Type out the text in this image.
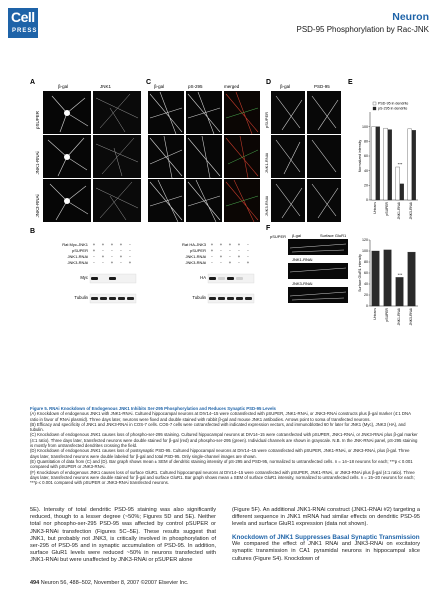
Cell
PRESS
Neuron
PSD-95 Phosphorylation by Rac-JNK
A
β-gal	JNK1	β-gal	pS-295	merged
C
pSUPER
JNK1-RNAi
JNK3-RNAi
D
β-gal	PSD-95
pSUPER
JNK1-RNAi
JNK3-RNAi
E
0
20
40
60
80
100
Untrans pSUPER JNK1-RNAi JNK3-RNAi
Normalized intensity	***
PSD-95 in dendrite
pS-295 in dendrite
B
Rat Myc-JNK1 + + + + -
pSUPER + - - - -
JNK1-RNAi - + - + -
JNK3-RNAi - - + - +
Myc
Tubulin
Rat HA-JNK3 + + + + -
pSUPER + - - - -
JNK1-RNAi - + - + -
JNK3-RNAi - - + - +
HA
Tubulin
F
β-gal	Surface GluR1
JNK1-RNAi
JNK3-RNAi
pSUPER
0
20
40
60
80
100
120
Untrans pSUPER JNK1-RNAi JNK3-RNAi
Surface GluR1 intensity	***
Figure 5. RNAi Knockdown of Endogenous JNK1 Inhibits Ser-295 Phosphorylation and Reduces Synaptic PSD-95 Levels
(A) Knockdown of endogenous JNK1 with JNK1-RNAi. Cultured hippocampal neurons at DIV14–15 were cotransfected with pSUPER, JNK1-RNAi, or JNK3-RNAi constructs plus β-gal marker (4:1 DNA ratio in favor of RNAi plasmid). Three days later, neurons were fixed and double stained with rabbit β-gal and mouse JNK1 antibodies. Arrows point to soma of transfected neurons.
(B) Efficacy and specificity of JNK1 and JNK3-RNAi in COS-7 cells. COS-7 cells were cotransfected with indicated expression vectors, and immunoblotted 60 hr later for JNK1 (Myc), JNK3 (HA), and tubulin.
(C) Knockdown of endogenous JNK1 causes loss of phospho-ser-295 staining. Cultured hippocampal neurons at DIV14–15 were cotransfected with pSUPER, JNK1-RNAi, or JNK3-RNAi plus β-gal marker (4:1 ratio). Three days later, transfected neurons were double stained for β-gal (red) and phospho-ser-295 (green). Individual channels are shown in grayscale. N.B. In the JNK-RNAi panel, pS-295 staining is mostly from untransfected dendrites crossing the field.
(D) Knockdown of endogenous JNK1 causes loss of postsynaptic PSD-95. Cultured hippocampal neurons at DIV14–15 were cotransfected with pSUPER, JNK1-RNAi, or JNK3-RNAi, plus β-gal. Three days later, transfected neurons were double labeled for β-gal and total PSD-95. Only single-channel images are shown.
(E) Quantitation of data from (C) and (D). Bar graph shows mean ± SEM of dendritic staining intensity of pS-295 and PSD-95, normalized to untransfected cells. n = 14–18 neurons for each; ***p ≤ 0.001 compared with pSUPER or JNK3-RNAi.
(F) Knockdown of endogenous JNK1 causes loss of surface GluR1. Cultured hippocampal neurons at DIV14–15 were cotransfected with pSUPER, JNK1-RNAi, or JNK3-RNAi plus β-gal (4:1 ratio). Three days later, transfected neurons were double stained for β-gal and surface GluR1. Bar graph shows mean ± SEM of surface GluR1 intensity, normalized to untransfected cells. n = 15–20 neurons for each; ***p ≤ 0.001 compared with pSUPER or JNK3-RNAi transfected neurons.
5E). Intensity of total dendritic PSD-95 staining was also significantly reduced, though to a lesser degree (~50%; Figures 5D and 5E). Neither total nor phospho-ser-295 PSD-95 was affected by control pSUPER or JNK3-RNAi transfection (Figures 5C–5E). These results suggest that JNK1, but probably not JNK3, is critically involved in phosphorylation of ser-295 of PSD-95 and in synaptic accumulation of PSD-95. In addition, surface GluR1 levels were reduced ~50% in neurons transfected with JNK1-RNAi but were unaffected by JNK3-RNAi or pSUPER alone
(Figure 5F). An additional JNK1-RNAi construct (JNK1-RNAi #2) targeting a different sequence in JNK1 mRNA had similar effects on dendritic PSD-95 levels and surface GluR1 expression (data not shown).
Knockdown of JNK1 Suppresses Basal Synaptic Transmission
We compared the effect of JNK1 RNAi and JNK3-RNAi on excitatory synaptic transmission in CA1 pyramidal neurons in hippocampal slice cultures (Figure S4). Knockdown of
494 Neuron 56, 488–502, November 8, 2007 ©2007 Elsevier Inc.
